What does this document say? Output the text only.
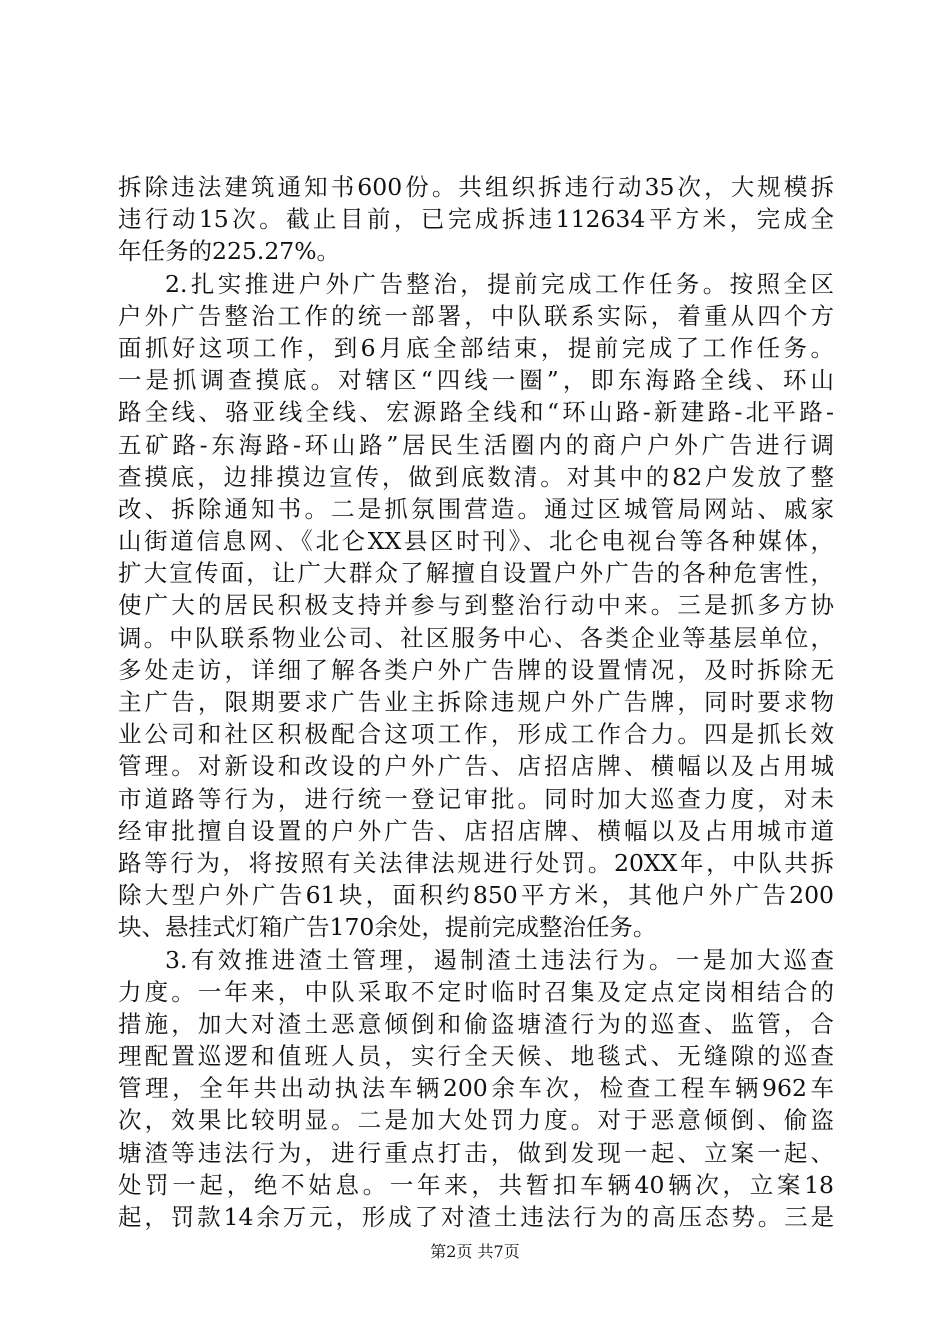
拆除违法建筑通知书600份。共组织拆违行动35次，大规模拆
违行动15次。截止目前，已完成拆违112634平方米，完成全
年任务的225.27%。
2.扎实推进户外广告整治，提前完成工作任务。按照全区
户外广告整治工作的统一部署，中队联系实际，着重从四个方
面抓好这项工作，到6月底全部结束，提前完成了工作任务。
一是抓调查摸底。对辖区“四线一圈”，即东海路全线、环山
路全线、骆亚线全线、宏源路全线和“环山路-新建路-北平路-
五矿路-东海路-环山路”居民生活圈内的商户户外广告进行调
查摸底，边排摸边宣传，做到底数清。对其中的82户发放了整
改、拆除通知书。二是抓氛围营造。通过区城管局网站、戚家
山街道信息网、《北仑XX县区时刊》、北仑电视台等各种媒体，
扩大宣传面，让广大群众了解擅自设置户外广告的各种危害性，
使广大的居民积极支持并参与到整治行动中来。三是抓多方协
调。中队联系物业公司、社区服务中心、各类企业等基层单位，
多处走访，详细了解各类户外广告牌的设置情况，及时拆除无
主广告，限期要求广告业主拆除违规户外广告牌，同时要求物
业公司和社区积极配合这项工作，形成工作合力。四是抓长效
管理。对新设和改设的户外广告、店招店牌、横幅以及占用城
市道路等行为，进行统一登记审批。同时加大巡查力度，对未
经审批擅自设置的户外广告、店招店牌、横幅以及占用城市道
路等行为，将按照有关法律法规进行处罚。20XX年，中队共拆
除大型户外广告61块，面积约850平方米，其他户外广告200
块、悬挂式灯箱广告170余处，提前完成整治任务。
3.有效推进渣土管理，遏制渣土违法行为。一是加大巡查
力度。一年来，中队采取不定时临时召集及定点定岗相结合的
措施，加大对渣土恶意倾倒和偷盗塘渣行为的巡查、监管，合
理配置巡逻和值班人员，实行全天候、地毯式、无缝隙的巡查
管理，全年共出动执法车辆200余车次，检查工程车辆962车
次，效果比较明显。二是加大处罚力度。对于恶意倾倒、偷盗
塘渣等违法行为，进行重点打击，做到发现一起、立案一起、
处罚一起，绝不姑息。一年来，共暂扣车辆40辆次，立案18
起，罚款14余万元，形成了对渣土违法行为的高压态势。三是
第2页 共7页
